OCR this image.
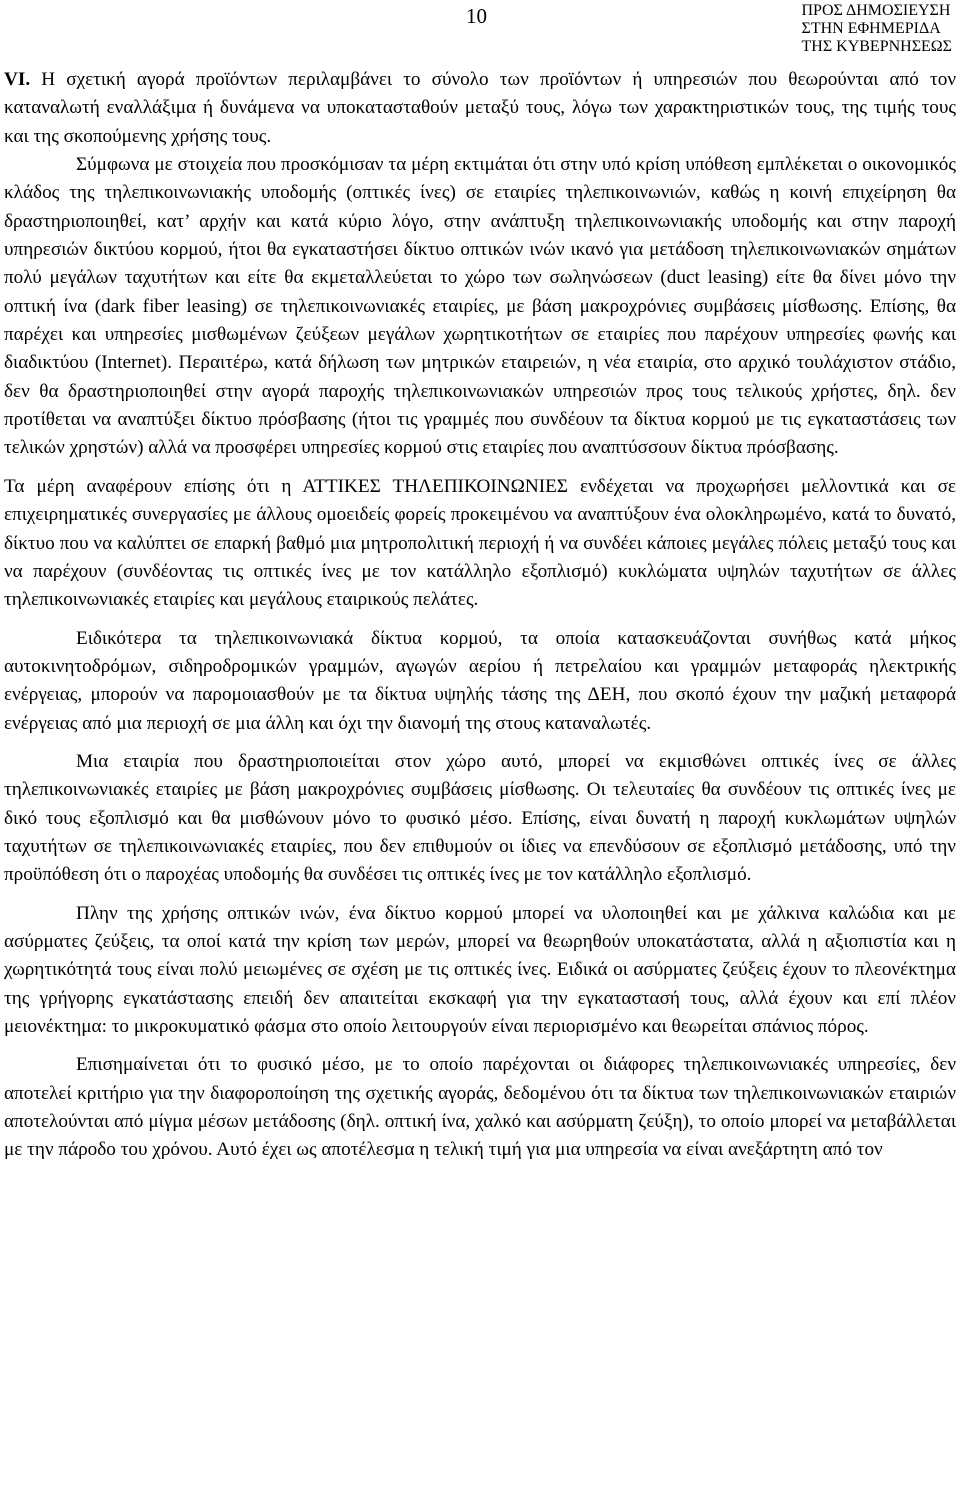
10	ΠΡΟΣ ΔΗΜΟΣΙΕΥΣΗ
ΣΤΗΝ ΕΦΗΜΕΡΙΔΑ
ΤΗΣ ΚΥΒΕΡΝΗΣΕΩΣ

VI. Η σχετική αγορά προϊόντων περιλαμβάνει το σύνολο των προϊόντων ή υπηρεσιών που θεωρούνται από τον καταναλωτή εναλλάξιμα ή δυνάμενα να υποκατασταθούν μεταξύ τους, λόγω των χαρακτηριστικών τους, της τιμής τους και της σκοπούμενης χρήσης τους.

Σύμφωνα με στοιχεία που προσκόμισαν τα μέρη εκτιμάται ότι στην υπό κρίση υπόθεση εμπλέκεται ο οικονομικός κλάδος της τηλεπικοινωνιακής υποδομής (οπτικές ίνες) σε εταιρίες τηλεπικοινωνιών, καθώς η κοινή επιχείρηση θα δραστηριοποιηθεί, κατ’ αρχήν και κατά κύριο λόγο, στην ανάπτυξη τηλεπικοινωνιακής υποδομής και στην παροχή υπηρεσιών δικτύου κορμού, ήτοι θα εγκαταστήσει δίκτυο οπτικών ινών ικανό για μετάδοση τηλεπικοινωνιακών σημάτων πολύ μεγάλων ταχυτήτων και είτε θα εκμεταλλεύεται το χώρο των σωληνώσεων (duct leasing) είτε θα δίνει μόνο την οπτική ίνα (dark fiber leasing) σε τηλεπικοινωνιακές εταιρίες, με βάση μακροχρόνιες συμβάσεις μίσθωσης. Επίσης, θα παρέχει και υπηρεσίες μισθωμένων ζεύξεων μεγάλων χωρητικοτήτων σε εταιρίες που παρέχουν υπηρεσίες φωνής και διαδικτύου (Internet). Περαιτέρω, κατά δήλωση των μητρικών εταιρειών, η νέα εταιρία, στο αρχικό τουλάχιστον στάδιο, δεν θα δραστηριοποιηθεί στην αγορά παροχής τηλεπικοινωνιακών υπηρεσιών προς τους τελικούς χρήστες, δηλ. δεν προτίθεται να αναπτύξει δίκτυο πρόσβασης (ήτοι τις γραμμές που συνδέουν τα δίκτυα κορμού με τις εγκαταστάσεις των τελικών χρηστών) αλλά να προσφέρει υπηρεσίες κορμού στις εταιρίες που αναπτύσσουν δίκτυα πρόσβασης.

Τα μέρη αναφέρουν επίσης ότι η ΑΤΤΙΚΕΣ ΤΗΛΕΠΙΚΟΙΝΩΝΙΕΣ ενδέχεται να προχωρήσει μελλοντικά και σε επιχειρηματικές συνεργασίες με άλλους ομοειδείς φορείς προκειμένου να αναπτύξουν ένα ολοκληρωμένο, κατά το δυνατό, δίκτυο που να καλύπτει σε επαρκή βαθμό μια μητροπολιτική περιοχή ή να συνδέει κάποιες μεγάλες πόλεις μεταξύ τους και να παρέχουν (συνδέοντας τις οπτικές ίνες με τον κατάλληλο εξοπλισμό) κυκλώματα υψηλών ταχυτήτων σε άλλες τηλεπικοινωνιακές εταιρίες και μεγάλους εταιρικούς πελάτες.

Ειδικότερα τα τηλεπικοινωνιακά δίκτυα κορμού, τα οποία κατασκευάζονται συνήθως κατά μήκος αυτοκινητοδρόμων, σιδηροδρομικών γραμμών, αγωγών αερίου ή πετρελαίου και γραμμών μεταφοράς ηλεκτρικής ενέργειας, μπορούν να παρομοιασθούν με τα δίκτυα υψηλής τάσης της ΔΕΗ, που σκοπό έχουν την μαζική μεταφορά ενέργειας από μια περιοχή σε μια άλλη και όχι την διανομή της στους καταναλωτές.

Μια εταιρία που δραστηριοποιείται στον χώρο αυτό, μπορεί να εκμισθώνει οπτικές ίνες σε άλλες τηλεπικοινωνιακές εταιρίες με βάση μακροχρόνιες συμβάσεις μίσθωσης. Οι τελευταίες θα συνδέουν τις οπτικές ίνες με δικό τους εξοπλισμό και θα μισθώνουν μόνο το φυσικό μέσο. Επίσης, είναι δυνατή η παροχή κυκλωμάτων υψηλών ταχυτήτων σε τηλεπικοινωνιακές εταιρίες, που δεν επιθυμούν οι ίδιες να επενδύσουν σε εξοπλισμό μετάδοσης, υπό την προϋπόθεση ότι ο παροχέας υποδομής θα συνδέσει τις οπτικές ίνες με τον κατάλληλο εξοπλισμό.

Πλην της χρήσης οπτικών ινών, ένα δίκτυο κορμού μπορεί να υλοποιηθεί και με χάλκινα καλώδια και με ασύρματες ζεύξεις, τα οποί κατά την κρίση των μερών, μπορεί να θεωρηθούν υποκατάστατα, αλλά η αξιοπιστία και η χωρητικότητά τους είναι πολύ μειωμένες σε σχέση με τις οπτικές ίνες. Ειδικά οι ασύρματες ζεύξεις έχουν το πλεονέκτημα της γρήγορης εγκατάστασης επειδή δεν απαιτείται εκσκαφή για την εγκαταστασή τους, αλλά έχουν και επί πλέον μειονέκτημα: το μικροκυματικό φάσμα στο οποίο λειτουργούν είναι περιορισμένο και θεωρείται σπάνιος πόρος.

Επισημαίνεται ότι το φυσικό μέσο, με το οποίο παρέχονται οι διάφορες τηλεπικοινωνιακές υπηρεσίες, δεν αποτελεί κριτήριο για την διαφοροποίηση της σχετικής αγοράς, δεδομένου ότι τα δίκτυα των τηλεπικοινωνιακών εταιριών αποτελούνται από μίγμα μέσων μετάδοσης (δηλ. οπτική ίνα, χαλκό και ασύρματη ζεύξη), το οποίο μπορεί να μεταβάλλεται με την πάροδο του χρόνου. Αυτό έχει ως αποτέλεσμα η τελική τιμή για μια υπηρεσία να είναι ανεξάρτητη από τον
